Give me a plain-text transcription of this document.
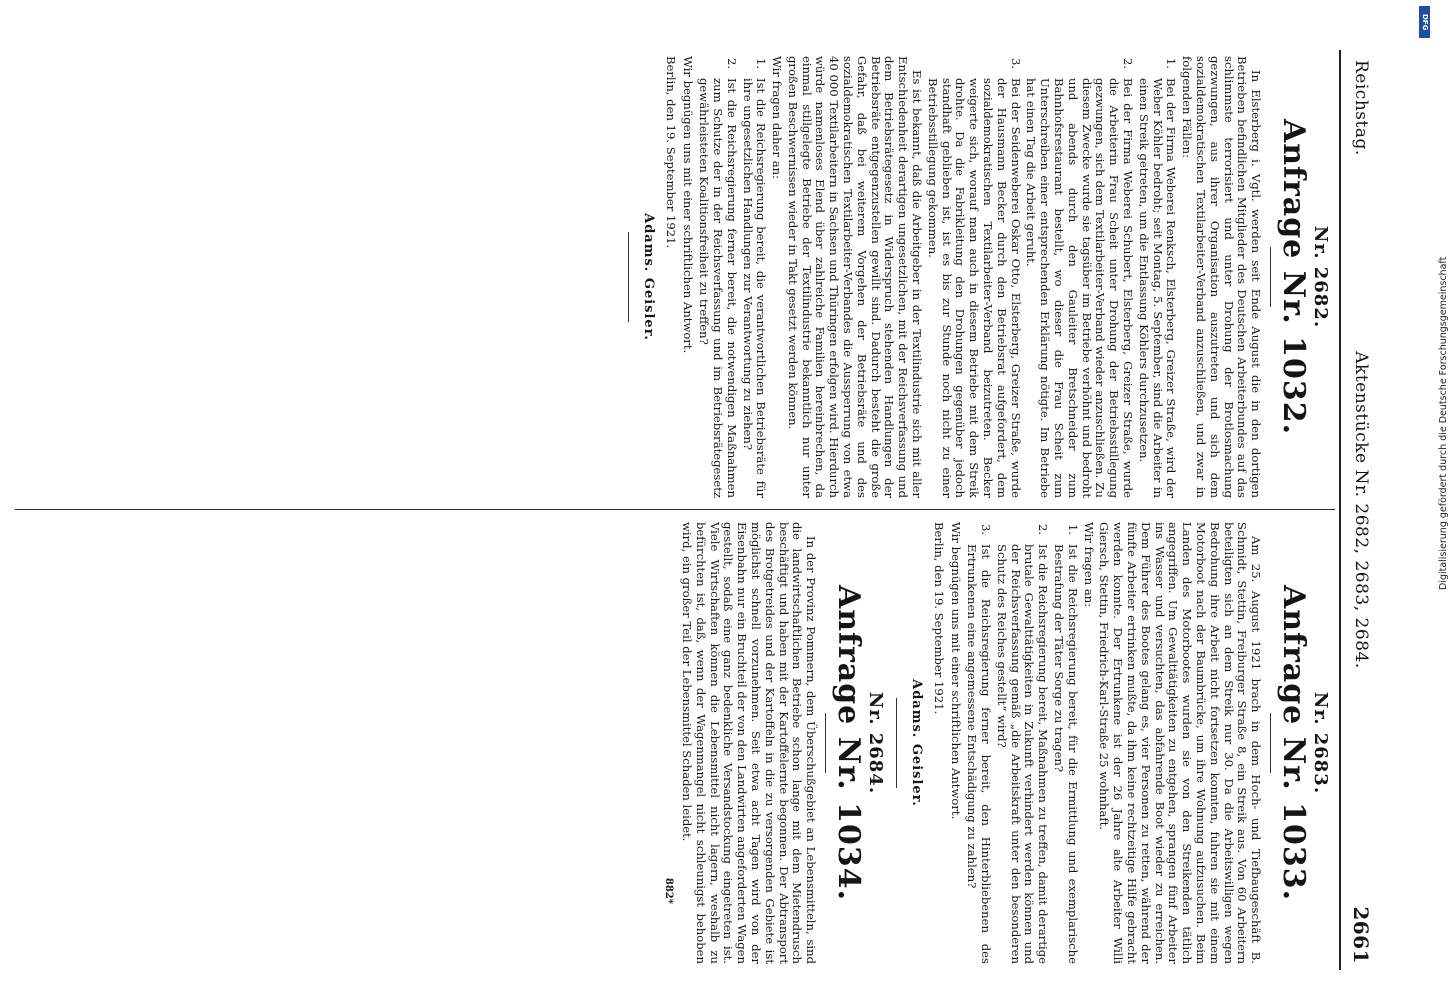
Reichstag.
Aktenstücke Nr. 2682, 2683, 2684.
2661
Nr. 2682.
Anfrage Nr. 1032.

In Elsterberg i. Vgtl. werden seit Ende August die in den dortigen Betrieben befindlichen Mitglieder des Deutschen Arbeiterbundes auf das schlimmste terrorisiert und unter Drohung der Brotlosmachung gezwungen, aus ihrer Organisation auszutreten und sich dem sozialdemokratischen Textilarbeiter-Verband anzuschließen, und zwar in folgenden Fällen:

1.
Bei der Firma Weberei Renksch, Elsterberg, Greizer Straße, wird der Weber Köhler bedroht; seit Montag, 5. September, sind die Arbeiter in einen Streik getreten, um die Entlassung Köhlers durchzusetzen.
2.
Bei der Firma Weberei Schubert, Elsterberg, Greizer Straße, wurde die Arbeiterin Frau Scheit unter Drohung der Betriebsstillegung gezwungen, sich dem Textilarbeiter-Verband wieder anzuschließen. Zu diesem Zwecke wurde sie tagsüber im Betriebe verhöhnt und bedroht und abends durch den Gauleiter Bretschneider zum Bahnhofsrestaurant bestellt, wo dieser die Frau Scheit zum Unterschreiben einer entsprechenden Erklärung nötigte. Im Betriebe hat einen Tag die Arbeit geruht.
3.
Bei der Seidenweberei Oskar Otto, Elsterberg, Greizer Straße, wurde der Hausmann Becker durch den Betriebsrat aufgefordert, dem sozialdemokratischen Textilarbeiter-Verband beizutreten. Becker weigerte sich, worauf man auch in diesem Betriebe mit dem Streik drohte. Da die Fabrikleitung den Drohungen gegenüber jedoch standhaft geblieben ist, ist es bis zur Stunde noch nicht zu einer Betriebsstillegung gekommen.

Es ist bekannt, daß die Arbeitgeber in der Textilindustrie sich mit aller Entschiedenheit derartigen ungesetzlichen, mit der Reichsverfassung und dem Betriebsrätegesetz in Widerspruch stehenden Handlungen der Betriebsräte entgegenzustellen gewillt sind. Dadurch besteht die große Gefahr, daß bei weiterem Vorgehen der Betriebsräte und des sozialdemokratischen Textilarbeiter-Verbandes die Aussperrung von etwa 40 000 Textilarbeitern in Sachsen und Thüringen erfolgen wird. Hierdurch würde namenloses Elend über zahlreiche Familien hereinbrechen, da einmal stillgelegte Betriebe der Textilindustrie bekanntlich nur unter großen Beschwernissen wieder in Takt gesetzt werden können.

Wir fragen daher an:

1.
Ist die Reichsregierung bereit, die verantwortlichen Betriebsräte für ihre ungesetzlichen Handlungen zur Verantwortung zu ziehen?
2.
Ist die Reichsregierung ferner bereit, die notwendigen Maßnahmen zum Schutze der in der Reichsverfassung und im Betriebsrätegesetz gewährleisteten Koalitionsfreiheit zu treffen?

Wir begnügen uns mit einer schriftlichen Antwort.

Berlin, den 19. September 1921.

Adams. Geisler.
Nr. 2683.
Anfrage Nr. 1033.

Am 25. August 1921 brach in dem Hoch- und Tiefbaugeschäft B. Schmidt, Stettin, Freiburger Straße 8, ein Streik aus. Von 60 Arbeitern beteiligten sich an dem Streik nur 30. Da die Arbeitswilligen wegen Bedrohung ihre Arbeit nicht fortsetzen konnten, fuhren sie mit einem Motorboot nach der Baumbrücke, um ihre Wohnung aufzusuchen. Beim Landen des Motorbootes wurden sie von den Streikenden tätlich angegriffen. Um Gewalttätigkeiten zu entgehen, sprangen fünf Arbeiter ins Wasser und versuchten, das abfahrende Boot wieder zu erreichen. Dem Führer des Bootes gelang es, vier Personen zu retten, während der fünfte Arbeiter ertrinken mußte, da ihm keine rechtzeitige Hilfe gebracht werden konnte. Der Ertrunkene ist der 26 Jahre alte Arbeiter Willi Giersch, Stettin, Friedrich-Karl-Straße 25 wohnhaft.

Wir fragen an:

1.
Ist die Reichsregierung bereit, für die Ermittlung und exemplarische Bestrafung der Täter Sorge zu tragen?
2.
Ist die Reichsregierung bereit, Maßnahmen zu treffen, damit derartige brutale Gewalttätigkeiten in Zukunft verhindert werden können und der Reichsverfassung gemäß „die Arbeitskraft unter den besonderen Schutz des Reiches gestellt“ wird?
3.
Ist die Reichsregierung ferner bereit, den Hinterbliebenen des Ertrunkenen eine angemessene Entschädigung zu zahlen?

Wir begnügen uns mit einer schriftlichen Antwort.

Berlin, den 19. September 1921.

Adams. Geisler.
Nr. 2684.
Anfrage Nr. 1034.

In der Provinz Pommern, dem Überschußgebiet an Lebensmitteln, sind die landwirtschaftlichen Betriebe schon lange mit dem Mietendrusch beschäftigt und haben mit der Kartoffelernte begonnen. Der Abtransport des Brotgetreides und der Kartoffeln in die zu versorgenden Gebiete ist möglichst schnell vorzunehmen. Seit etwa acht Tagen wird von der Eisenbahn nur ein Bruchteil der von den Landwirten angeforderten Wagen gestellt, sodaß eine ganz bedenkliche Versandstockung eingetreten ist. Viele Wirtschaften können die Lebensmittel nicht lagern, weshalb zu befürchten ist, daß, wenn der Wagenmangel nicht schleunigst behoben wird, ein großer Teil der Lebensmittel Schaden leidet.

882*
DFG
Digitalisierung gefördert durch die Deutsche Forschungsgemeinschaft
